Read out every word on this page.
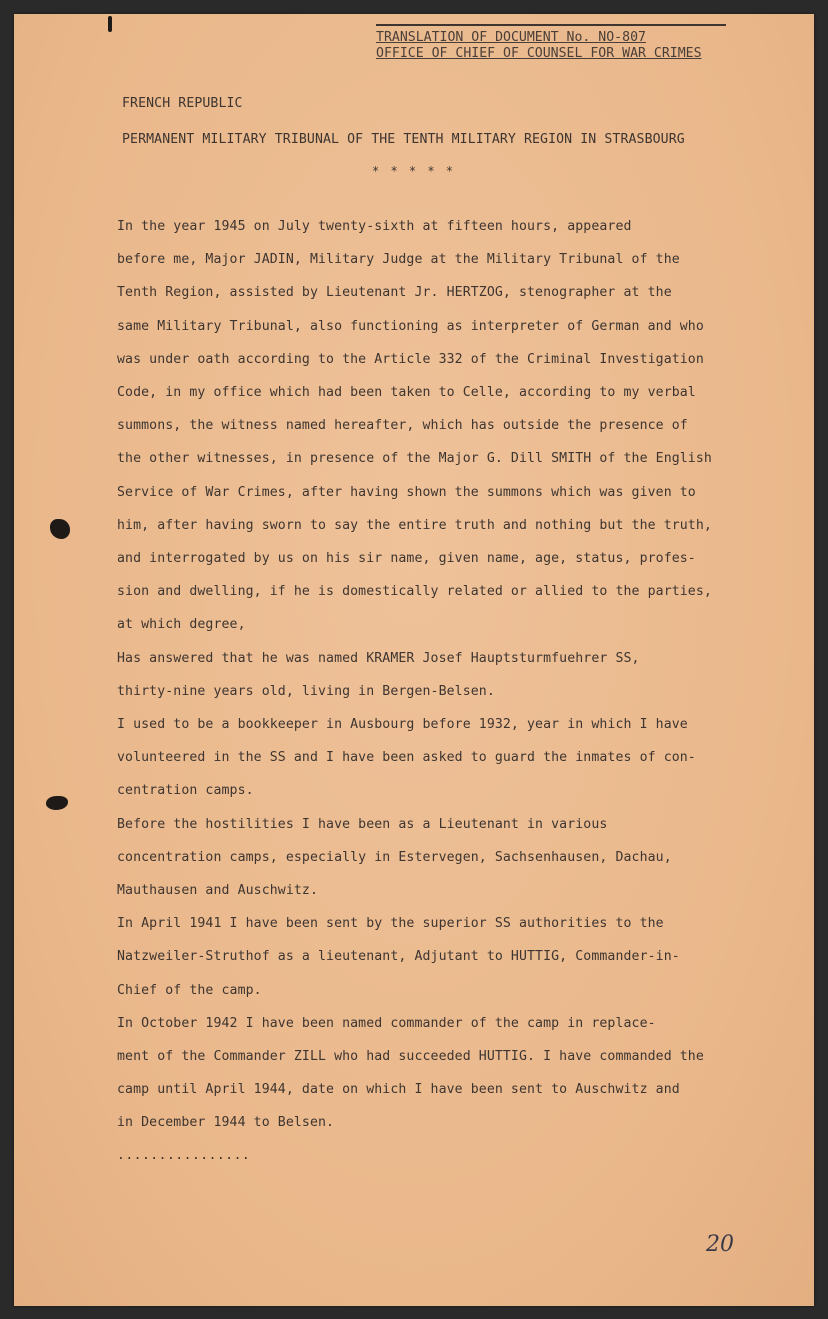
TRANSLATION OF DOCUMENT No. NO-807
OFFICE OF CHIEF OF COUNSEL FOR WAR CRIMES
FRENCH REPUBLIC
PERMANENT MILITARY TRIBUNAL OF THE TENTH MILITARY REGION IN STRASBOURG
* * * * *
In the year 1945 on July twenty-sixth at fifteen hours, appeared
before me, Major JADIN, Military Judge at the Military Tribunal of the
Tenth Region, assisted by Lieutenant Jr. HERTZOG, stenographer at the
same Military Tribunal, also functioning as interpreter of German and who
was under oath according to the Article 332 of the Criminal Investigation
Code, in my office which had been taken to Celle, according to my verbal
summons, the witness named hereafter, which has outside the presence of
the other witnesses, in presence of the Major G. Dill SMITH of the English
Service of War Crimes, after having shown the summons which was given to
him, after having sworn to say the entire truth and nothing but the truth,
and interrogated by us on his sir name, given name, age, status, profes-
sion and dwelling, if he is domestically related or allied to the parties,
at which degree,
Has answered that he was named KRAMER Josef Hauptsturmfuehrer SS,
thirty-nine years old, living in Bergen-Belsen.
I used to be a bookkeeper in Ausbourg before 1932, year in which I have
volunteered in the SS and I have been asked to guard the inmates of con-
centration camps.
Before the hostilities I have been as a Lieutenant in various
concentration camps, especially in Estervegen, Sachsenhausen, Dachau,
Mauthausen and Auschwitz.
In April 1941 I have been sent by the superior SS authorities to the
Natzweiler-Struthof as a lieutenant, Adjutant to HUTTIG, Commander-in-
Chief of the camp.
In October 1942 I have been named commander of the camp in replace-
ment of the Commander ZILL who had succeeded HUTTIG. I have commanded the
camp until April 1944, date on which I have been sent to Auschwitz and
in December 1944 to Belsen.
................
20
